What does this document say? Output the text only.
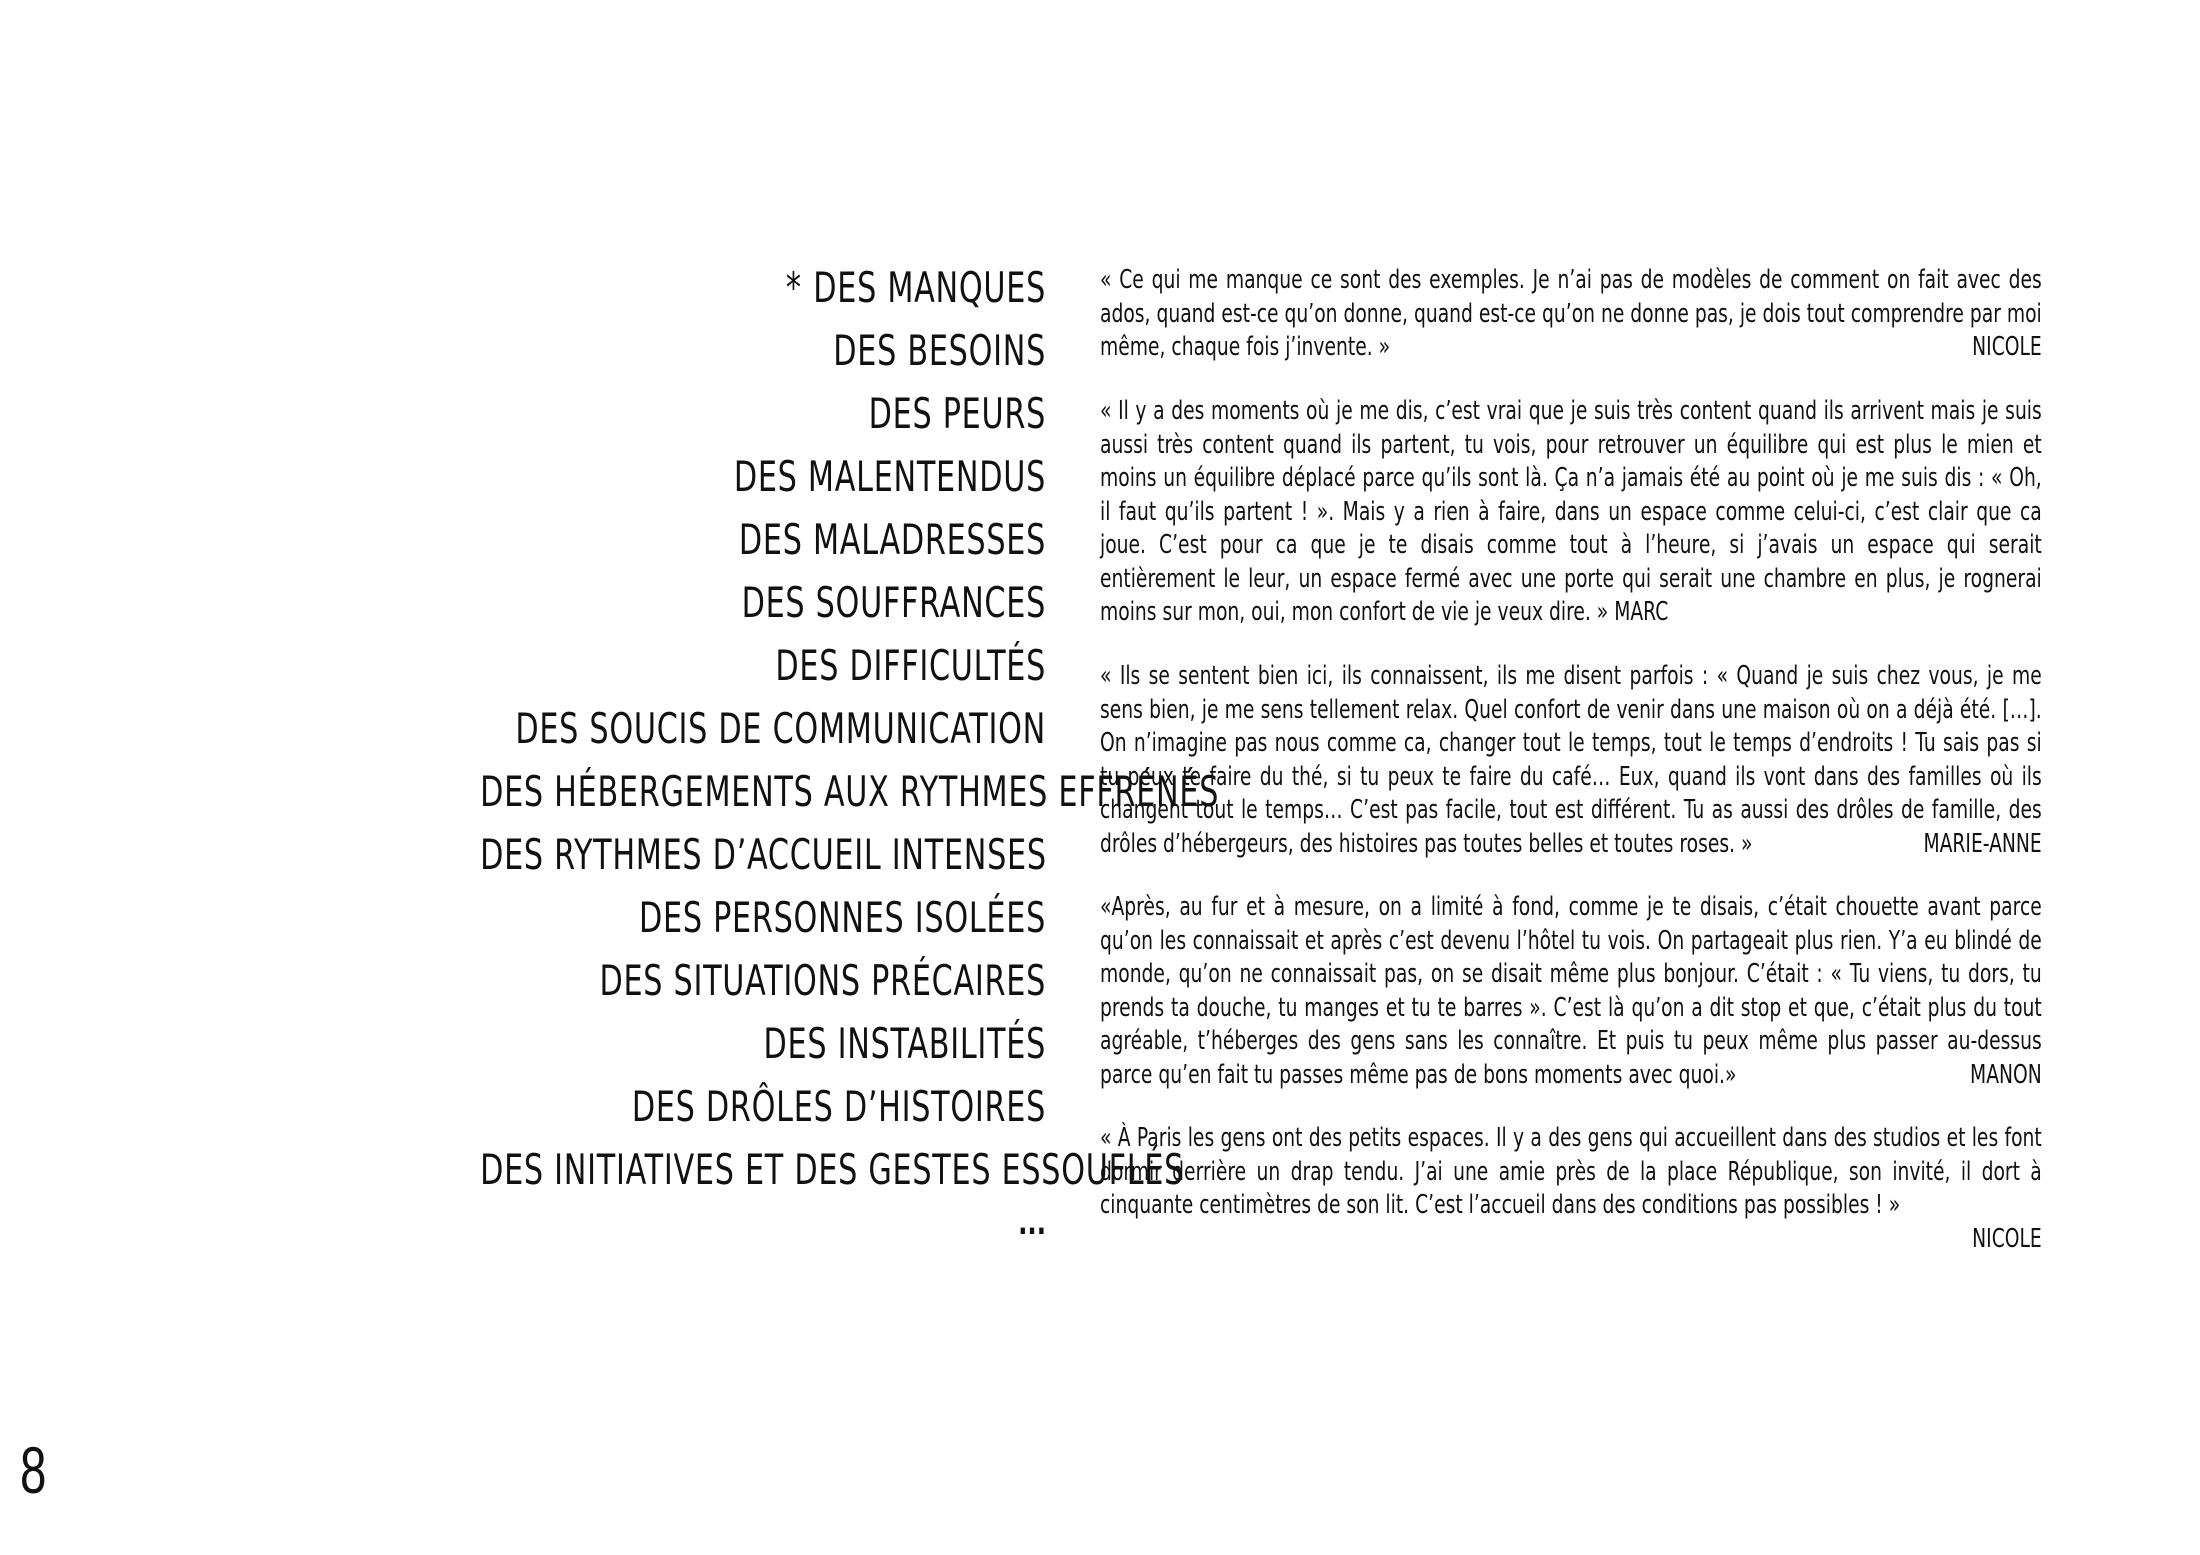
* DES MANQUES
DES BESOINS
DES PEURS
DES MALENTENDUS
DES MALADRESSES
DES SOUFFRANCES
DES DIFFICULTÉS
DES SOUCIS DE COMMUNICATION
DES HÉBERGEMENTS AUX RYTHMES EFFRÉNÉS
DES RYTHMES D’ACCUEIL INTENSES
DES PERSONNES ISOLÉES
DES SITUATIONS PRÉCAIRES
DES INSTABILITÉS
DES DRÔLES D’HISTOIRES
DES INITIATIVES ET DES GESTES ESSOUFLÉS
...
« Ce qui me manque ce sont des exemples. Je n’ai pas de modèles de comment on fait avec des ados, quand est-ce qu’on donne, quand est-ce qu’on ne donne pas, je dois tout comprendre par moi même, chaque fois j’invente. »	NICOLE
« Il y a des moments où je me dis, c’est vrai que je suis très content quand ils arrivent mais je suis aussi très content quand ils partent, tu vois, pour retrouver un équilibre qui est plus le mien et moins un équilibre déplacé parce qu’ils sont là. Ça n’a jamais été au point où je me suis dis : « Oh, il faut qu’ils partent ! ». Mais y a rien à faire, dans un espace comme celui-ci, c’est clair que ca joue. C’est pour ca que je te disais comme tout à l’heure, si j’avais un espace qui serait entièrement le leur, un espace fermé avec une porte qui serait une chambre en plus, je rognerai moins sur mon, oui, mon confort de vie je veux dire. » MARC
« Ils se sentent bien ici, ils connaissent, ils me disent parfois : « Quand je suis chez vous, je me sens bien, je me sens tellement relax. Quel confort de venir dans une maison où on a déjà été. […]. On n’imagine pas nous comme ca, changer tout le temps, tout le temps d’endroits ! Tu sais pas si tu peux te faire du thé, si tu peux te faire du café… Eux, quand ils vont dans des familles où ils changent tout le temps… C’est pas facile, tout est différent. Tu as aussi des drôles de famille, des drôles d’hébergeurs, des histoires pas toutes belles et toutes roses. »	MARIE-ANNE
«Après, au fur et à mesure, on a limité à fond, comme je te disais, c’était chouette avant parce qu’on les connaissait et après c’est devenu l’hôtel tu vois. On partageait plus rien. Y’a eu blindé de monde, qu’on ne connaissait pas, on se disait même plus bonjour. C’était : « Tu viens, tu dors, tu prends ta douche, tu manges et tu te barres ». C’est là qu’on a dit stop et que, c’était plus du tout agréable, t’héberges des gens sans les connaître. Et puis tu peux même plus passer au-dessus parce qu’en fait tu passes même pas de bons moments avec quoi.»	MANON
« À Paris les gens ont des petits espaces. Il y a des gens qui accueillent dans des studios et les font dormir derrière un drap tendu. J’ai une amie près de la place République, son invité, il dort à cinquante centimètres de son lit. C’est l’accueil dans des conditions pas possibles ! »
NICOLE
8
